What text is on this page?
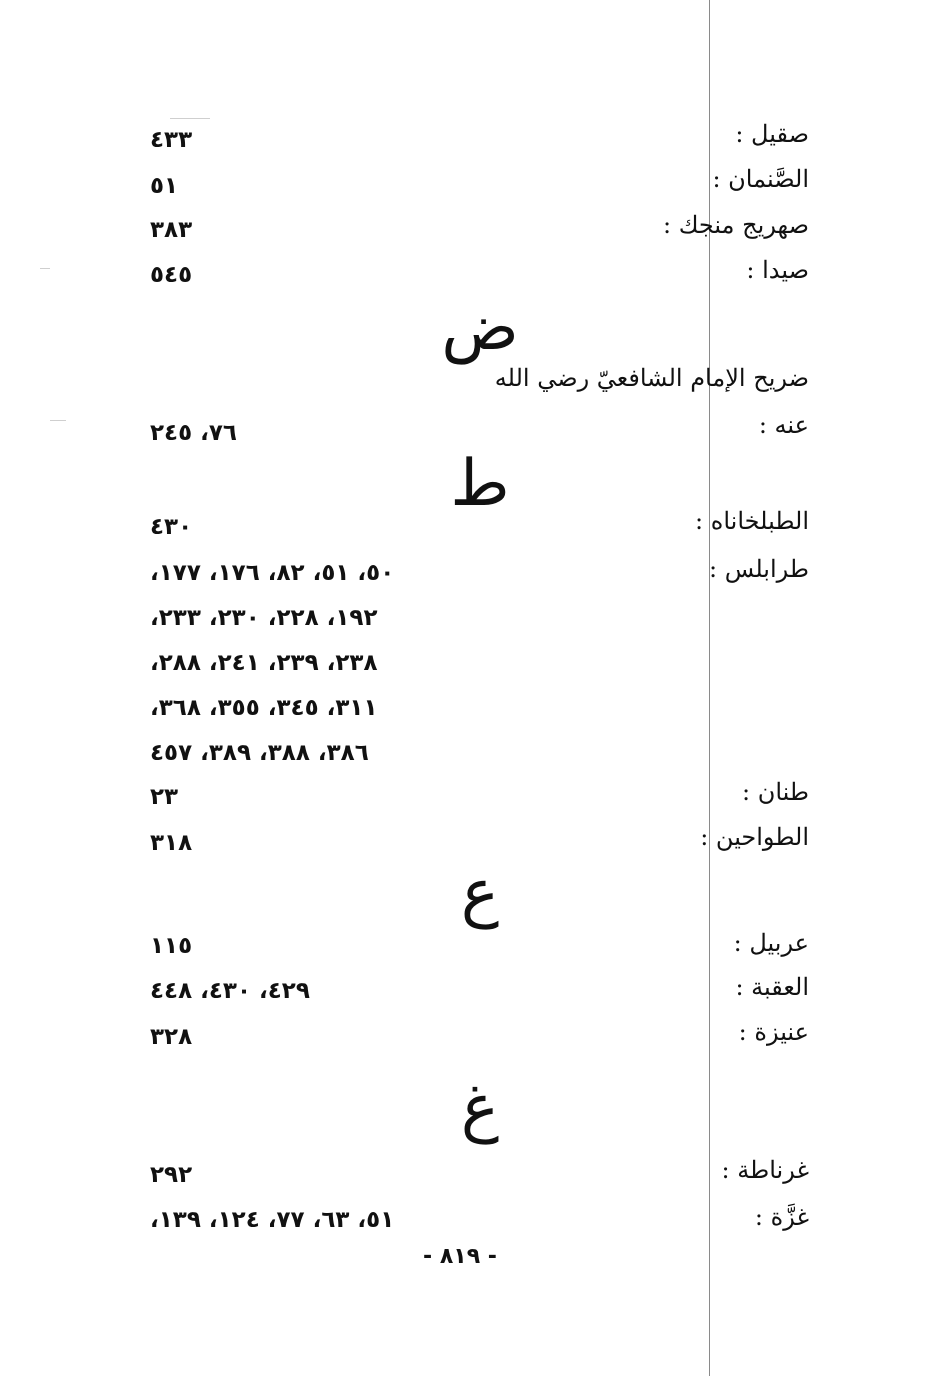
صقيل :
٤٣٣
الصَّنمان :
٥١
صهريج منجك :
٣٨٣
صيدا :
٥٤٥
ض
ضريح الإمام الشافعيّ رضي الله
عنه :
٧٦، ٢٤٥
ط	الطبلخاناه :
٤٣٠
طرابلس :
٥٠، ٥١، ٨٢، ١٧٦، ١٧٧،
١٩٢، ٢٢٨، ٢٣٠، ٢٣٣،
٢٣٨، ٢٣٩، ٢٤١، ٢٨٨،
٣١١، ٣٤٥، ٣٥٥، ٣٦٨،
٣٨٦، ٣٨٨، ٣٨٩، ٤٥٧
طنان :
٢٣
الطواحين :
٣١٨
ع
عربيل :
١١٥
العقبة :
٤٢٩، ٤٣٠، ٤٤٨
عنيزة :
٣٢٨
غ
غرناطة :
٢٩٢
غزَّة :
٥١، ٦٣، ٧٧، ١٢٤، ١٣٩،
- ٨١٩ -
